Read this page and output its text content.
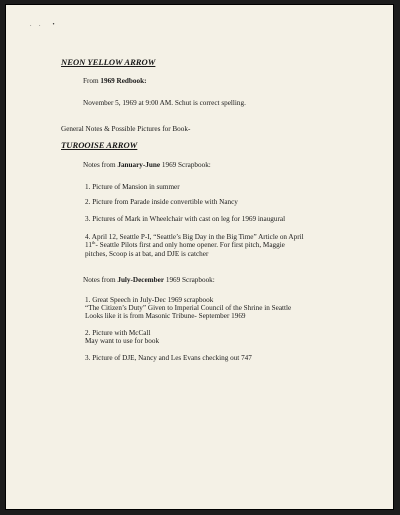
. .  •
NEON YELLOW ARROW
From 1969 Redbook:
November 5, 1969 at 9:00 AM. Schut is correct spelling.
General Notes & Possible Pictures for Book-
TUROOISE ARROW
Notes from January-June 1969 Scrapbook:
1. Picture of Mansion in summer
2. Picture from Parade inside convertible with Nancy
3. Pictures of Mark in Wheelchair with cast on leg for 1969 inaugural
4. April 12, Seattle P-I, “Seattle’s Big Day in the Big Time” Article on April
11th- Seattle Pilots first and only home opener. For first pitch, Maggie
pitches, Scoop is at bat, and DJE is catcher
Notes from July-December 1969 Scrapbook:
1. Great Speech in July-Dec 1969 scrapbook
“The Citizen’s Duty” Given to Imperial Council of the Shrine in Seattle
Looks like it is from Masonic Tribune- September 1969
2. Picture with McCall
May want to use for book
3. Picture of DJE, Nancy and Les Evans checking out 747
